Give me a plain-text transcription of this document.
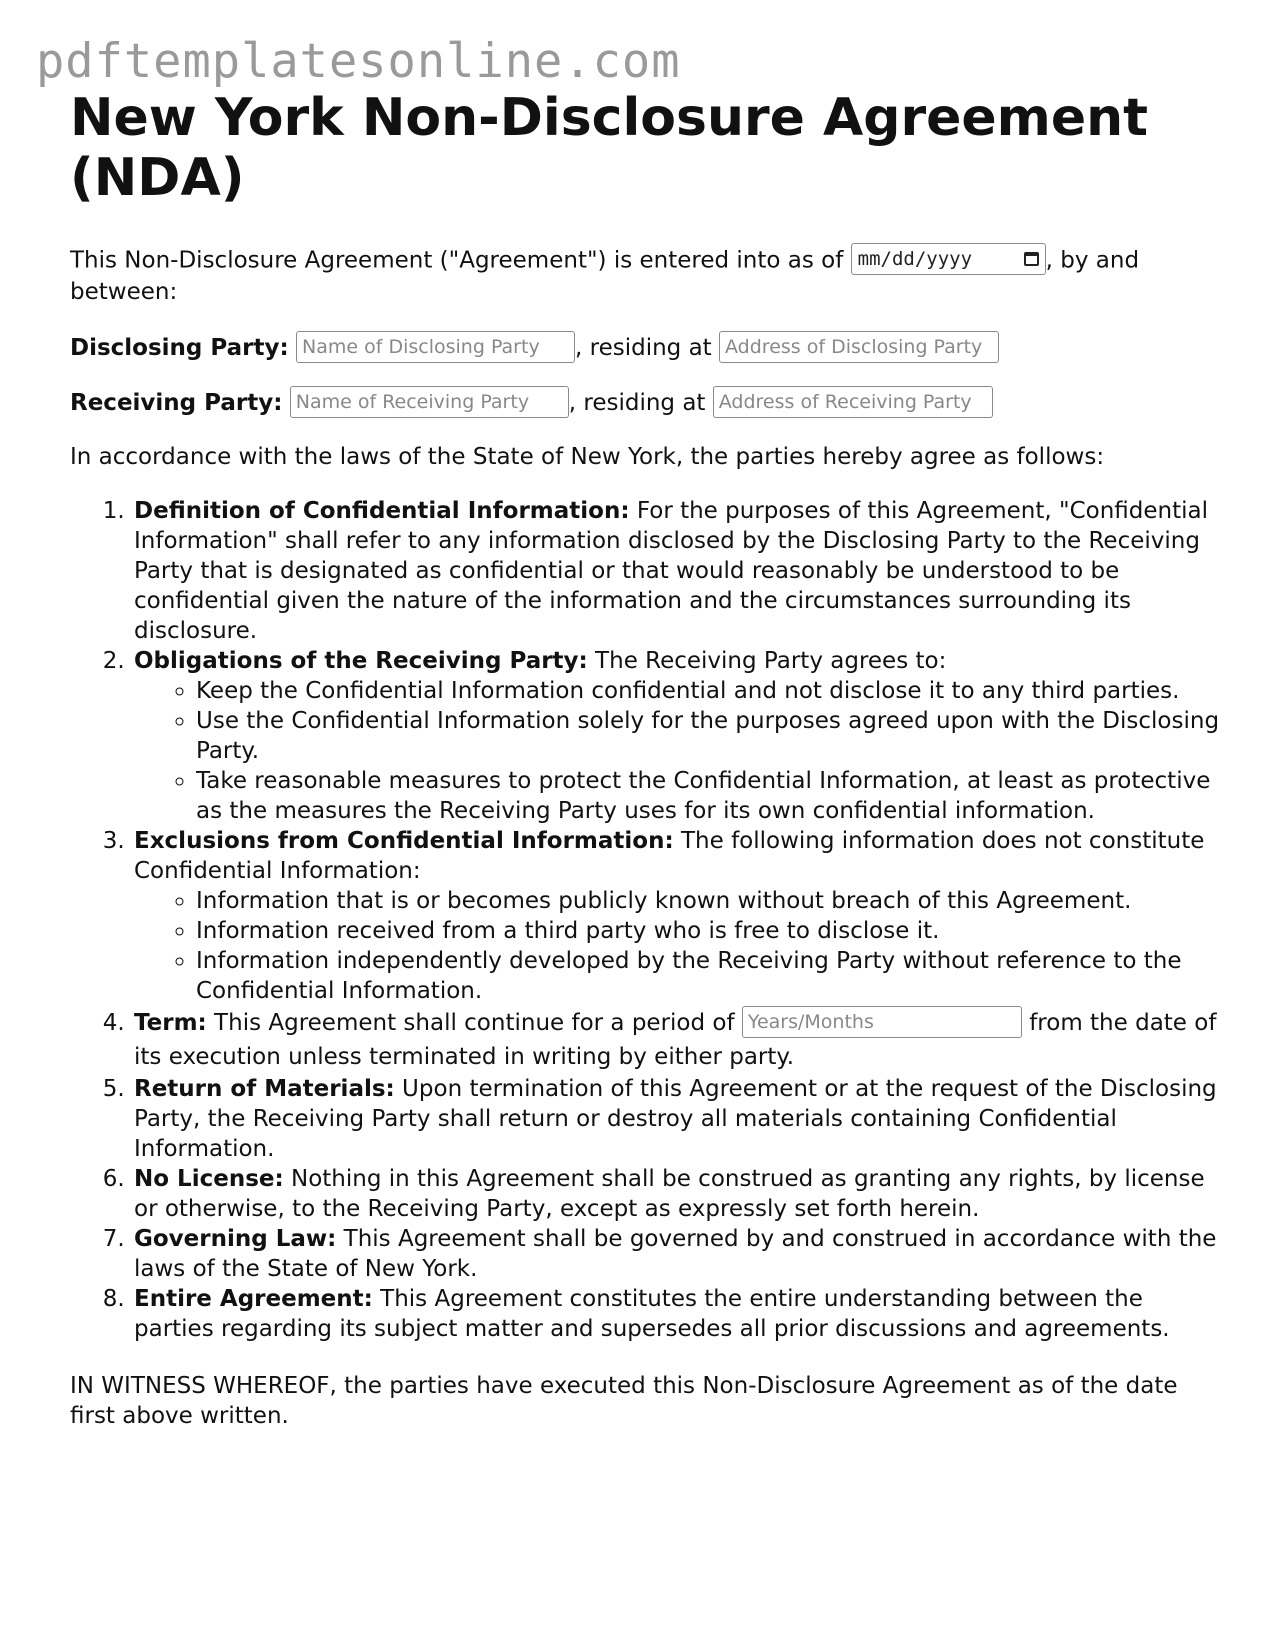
pdftemplatesonline.com
New York Non-Disclosure Agreement (NDA)

This Non-Disclosure Agreement ("Agreement") is entered into as of mm/dd/yyyy	, by and between:

Disclosing Party: Name of Disclosing Party	, residing at Address of Disclosing Party

Receiving Party: Name of Receiving Party	, residing at Address of Receiving Party

In accordance with the laws of the State of New York, the parties hereby agree as follows:

1. Definition of Confidential Information: For the purposes of this Agreement, "Confidential Information" shall refer to any information disclosed by the Disclosing Party to the Receiving Party that is designated as confidential or that would reasonably be understood to be confidential given the nature of the information and the circumstances surrounding its disclosure.
2. Obligations of the Receiving Party: The Receiving Party agrees to:
◦ Keep the Confidential Information confidential and not disclose it to any third parties.
◦ Use the Confidential Information solely for the purposes agreed upon with the Disclosing Party.
◦ Take reasonable measures to protect the Confidential Information, at least as protective as the measures the Receiving Party uses for its own confidential information.
3. Exclusions from Confidential Information: The following information does not constitute Confidential Information:
◦ Information that is or becomes publicly known without breach of this Agreement.
◦ Information received from a third party who is free to disclose it.
◦ Information independently developed by the Receiving Party without reference to the Confidential Information.
4. Term: This Agreement shall continue for a period of Years/Months	from the date of its execution unless terminated in writing by either party.
5. Return of Materials: Upon termination of this Agreement or at the request of the Disclosing Party, the Receiving Party shall return or destroy all materials containing Confidential Information.
6. No License: Nothing in this Agreement shall be construed as granting any rights, by license or otherwise, to the Receiving Party, except as expressly set forth herein.
7. Governing Law: This Agreement shall be governed by and construed in accordance with the laws of the State of New York.
8. Entire Agreement: This Agreement constitutes the entire understanding between the parties regarding its subject matter and supersedes all prior discussions and agreements.

IN WITNESS WHEREOF, the parties have executed this Non-Disclosure Agreement as of the date first above written.
